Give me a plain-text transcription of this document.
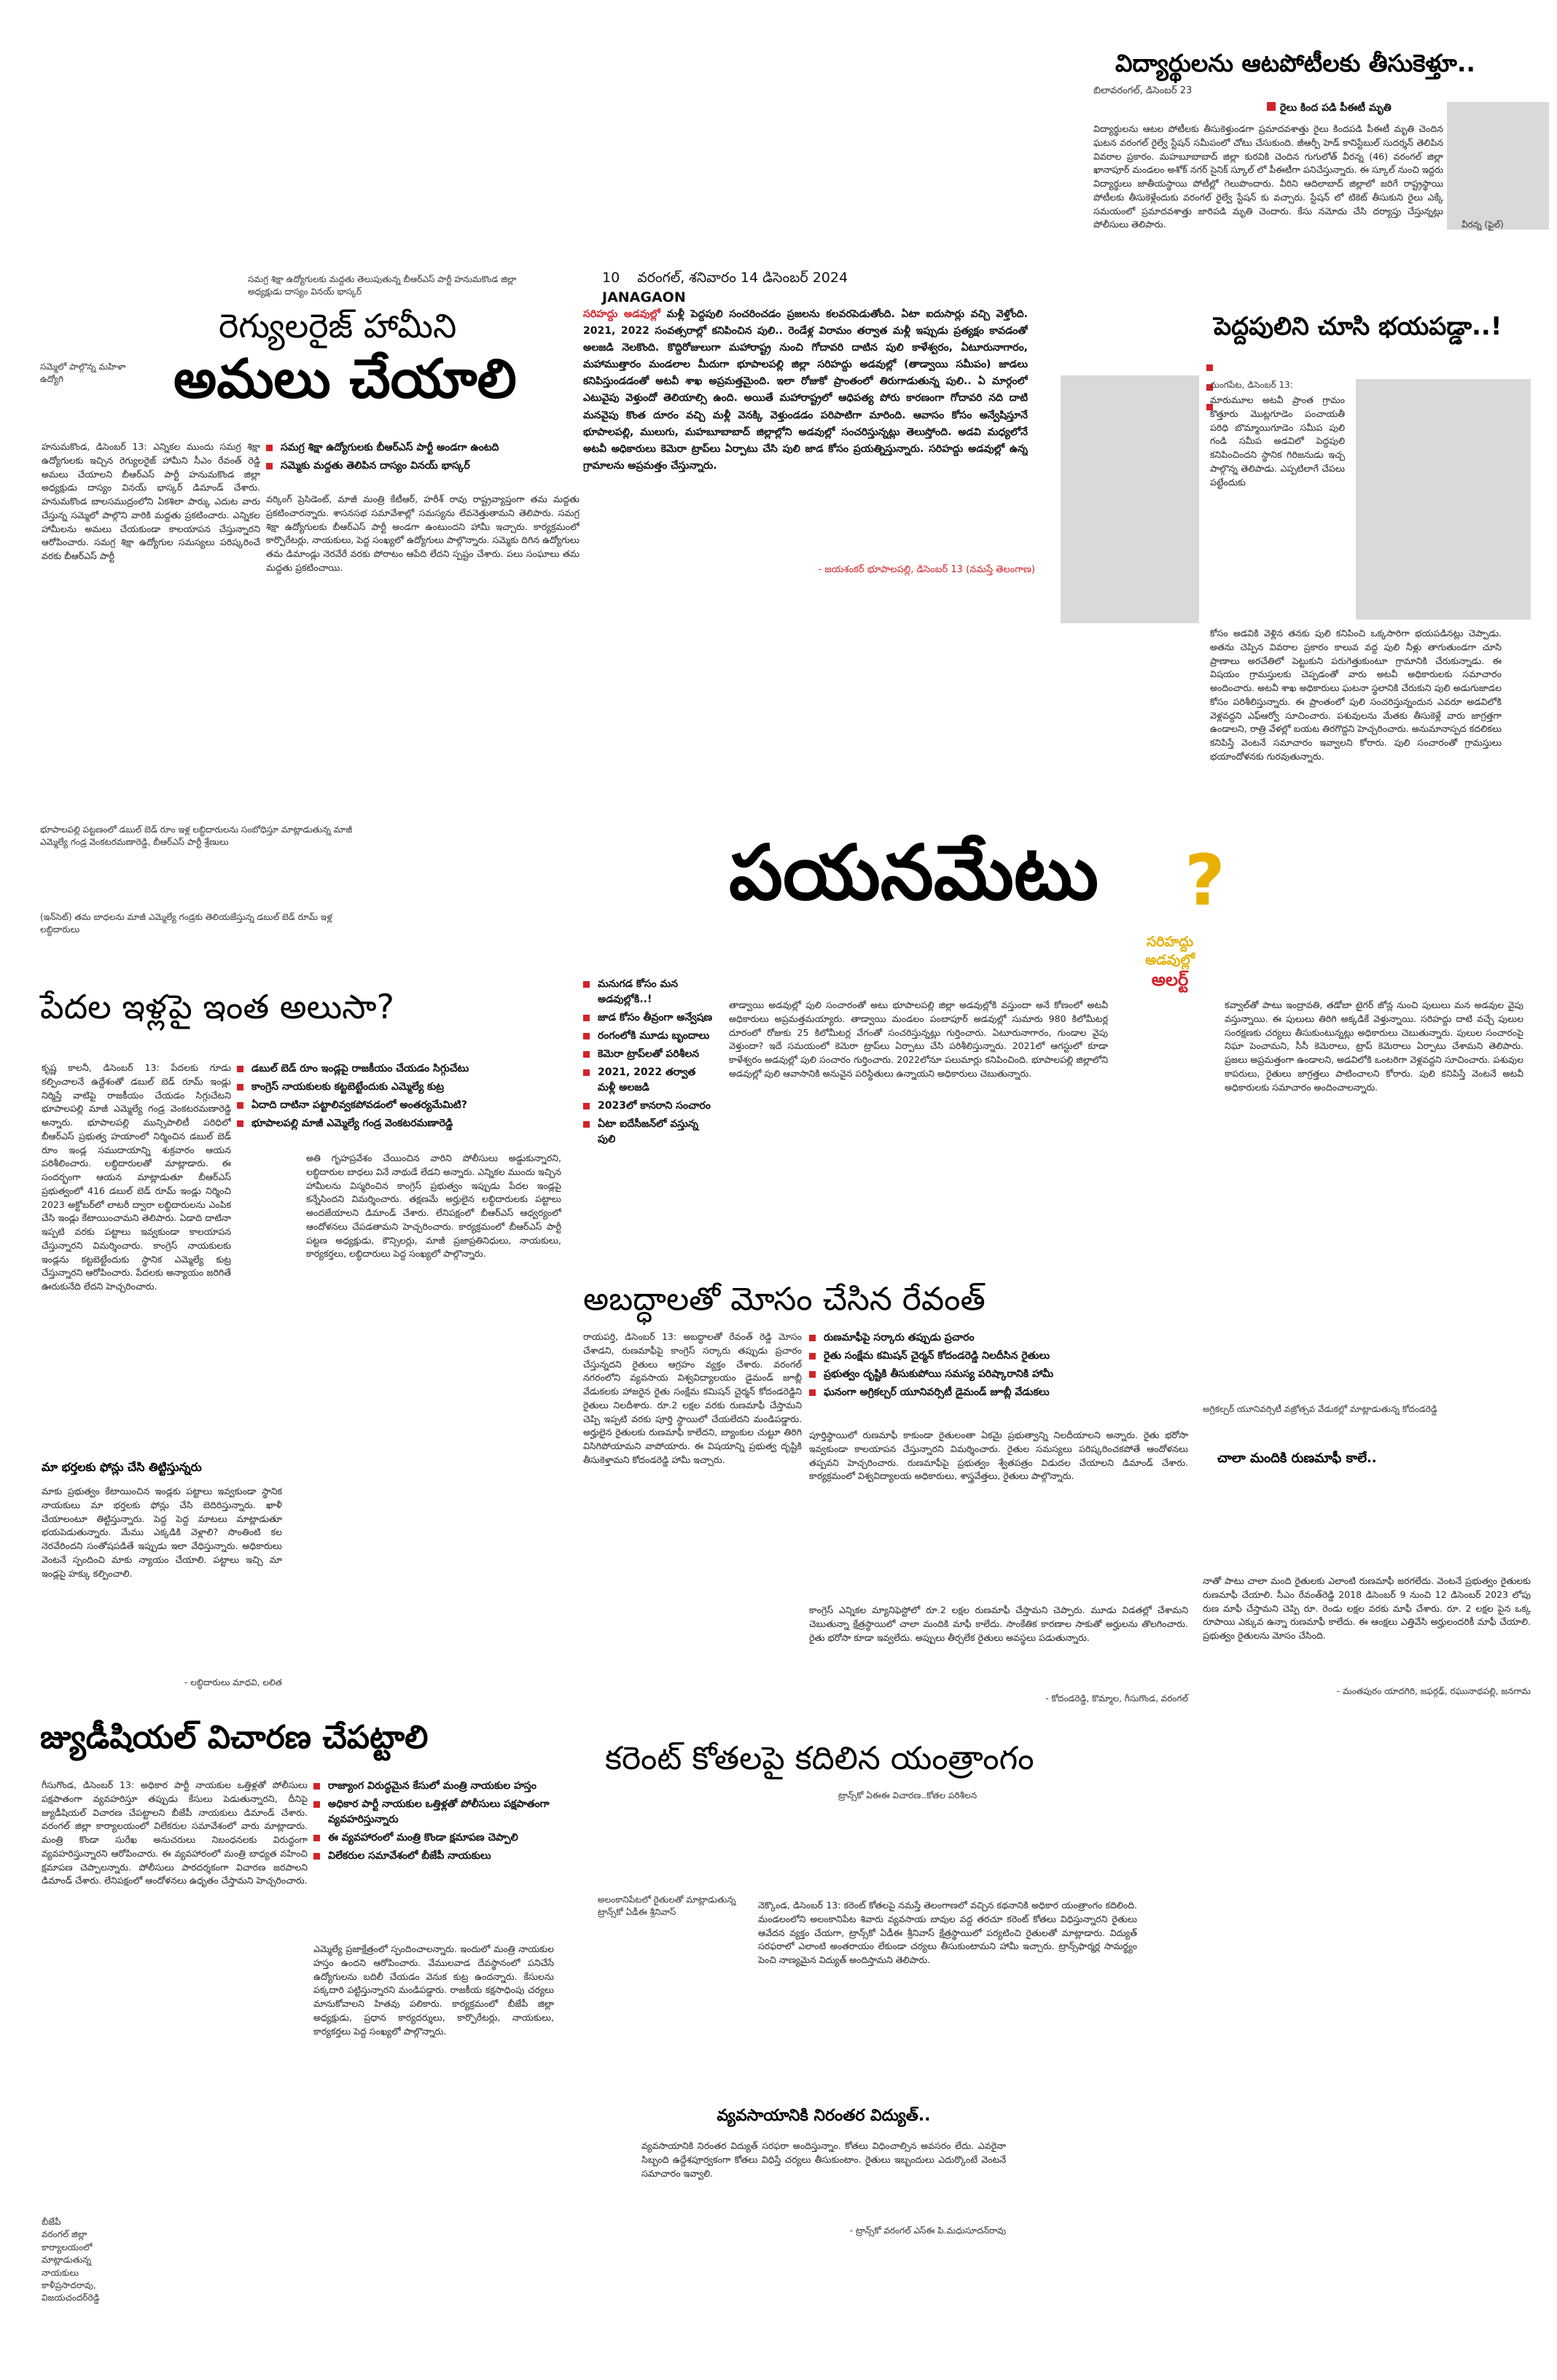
10 వరంగల్, శనివారం 14 డిసెంబర్ 2024 JANAGAON
విద్యార్థులను ఆటపోటీలకు తీసుకెళ్తూ..
బిలావరంగల్, డిసెంబర్ 23
రైలు కింద పడి పీఈటీ మృతి
విద్యార్థులను ఆటల పోటీలకు తీసుకెళ్తుండగా ప్రమాదవశాత్తు రైలు కిందపడి పీఈటీ మృతి చెందిన ఘటన వరంగల్ రైల్వే స్టేషన్ సమీపంలో చోటు చేసుకుంది. జీఆర్పీ హెడ్ కానిస్టేబుల్ సుదర్శన్ తెలిపిన వివరాల ప్రకారం. మహబూబాబాద్ జిల్లా కురవికి చెందిన గుగులోత్ వీరన్న (46) వరంగల్ జిల్లా ఖానాపూర్ మండలం అశోక్ నగర్ సైనిక్ స్కూల్ లో పీఈటీగా పనిచేస్తున్నారు. ఈ స్కూల్ నుంచి ఇద్దరు విద్యార్థులు జాతీయస్థాయి పోటీల్లో గెలుపొందారు. వీరిని ఆదిలాబాద్ జిల్లాలో జరిగే రాష్ట్రస్థాయి పోటీలకు తీసుకెళ్లేందుకు వరంగల్ రైల్వే స్టేషన్ కు వచ్చారు. స్టేషన్ లో టికెట్ తీసుకుని రైలు ఎక్కే సమయంలో ప్రమాదవశాత్తు జారిపడి మృతి చెందారు. కేసు నమోదు చేసి దర్యాప్తు చేస్తున్నట్లు పోలీసులు తెలిపారు.	వీరన్న (ఫైల్)
సమగ్ర శిక్షా ఉద్యోగులకు మద్దతు తెలుపుతున్న బీఆర్ఎస్ పార్టీ హనుమకొండ జిల్లా అధ్యక్షుడు దాస్యం వినయ్ భాస్కర్
రెగ్యులరైజ్ హామీని
సమ్మెలో పాల్గొన్న మహిళా ఉద్యోగి	అమలు చేయాలి
సమగ్ర శిక్షా ఉద్యోగులకు బీఆర్ఎస్ పార్టీ అండగా ఉంటది
సమ్మెకు మద్దతు తెలిపిన దాస్యం వినయ్ భాస్కర్
హనుమకొండ, డిసెంబర్ 13: ఎన్నికల ముందు సమగ్ర శిక్షా ఉద్యోగులకు ఇచ్చిన రెగ్యులరైజ్ హామీని సీఎం రేవంత్ రెడ్డి అమలు చేయాలని బీఆర్ఎస్ పార్టీ హనుమకొండ జిల్లా అధ్యక్షుడు దాస్యం వినయ్ భాస్కర్ డిమాండ్ చేశారు. హనుమకొండ బాలసముద్రంలోని ఏకశిలా పార్కు ఎదుట వారు చేస్తున్న సమ్మెలో పాల్గొని వారికి మద్దతు ప్రకటించారు. ఎన్నికల హామీలను అమలు చేయకుండా కాలయాపన చేస్తున్నారని ఆరోపించారు. సమగ్ర శిక్షా ఉద్యోగుల సమస్యలు పరిష్కరించే వరకు బీఆర్ఎస్ పార్టీ
వర్కింగ్ ప్రెసిడెంట్, మాజీ మంత్రి కేటీఆర్, హరీశ్ రావు రాష్ట్రవ్యాప్తంగా తమ మద్దతు ప్రకటించారన్నారు. శాసనసభ సమావేశాల్లో సమస్యను లేవనెత్తుతామని తెలిపారు. సమగ్ర శిక్షా ఉద్యోగులకు బీఆర్ఎస్ పార్టీ అండగా ఉంటుందని హామీ ఇచ్చారు. కార్యక్రమంలో కార్పొరేటర్లు, నాయకులు, పెద్ద సంఖ్యలో ఉద్యోగులు పాల్గొన్నారు. సమ్మెకు దిగిన ఉద్యోగులు తమ డిమాండ్లు నెరవేరే వరకు పోరాటం ఆపేది లేదని స్పష్టం చేశారు. పలు సంఘాలు తమ మద్దతు ప్రకటించాయి.
సరిహద్దు అడవుల్లో మళ్లీ పెద్దపులి సంచరించడం ప్రజలను కలవరపెడుతోంది. ఏటా ఐదుసార్లు వచ్చి వెళ్తోంది. 2021, 2022 సంవత్సరాల్లో కనిపించిన పులి.. రెండేళ్ల విరామం తర్వాత మళ్లీ ఇప్పుడు ప్రత్యక్షం కావడంతో అలజడి నెలకొంది. కొద్దిరోజులుగా మహారాష్ట్ర నుంచి గోదావరి దాటిన పులి కాళేశ్వరం, ఏటూరునాగారం, మహాముత్తారం మండలాల మీదుగా భూపాలపల్లి జిల్లా సరిహద్దు అడవుల్లో (తాడ్వాయి సమీపం) జాడలు కనిపిస్తుండడంతో అటవీ శాఖ అప్రమత్తమైంది. ఇలా రోజుకో ప్రాంతంలో తిరుగాడుతున్న పులి.. ఏ మార్గంలో ఎటువైపు వెళ్తుందో తెలియాల్సి ఉంది. అయితే మహారాష్ట్రలో ఆధిపత్య పోరు కారణంగా గోదావరి నది దాటి మనవైపు కొంత దూరం వచ్చి మళ్లీ వెనక్కి వెళ్తుండడం పరిపాటిగా మారింది. ఆవాసం కోసం అన్వేషిస్తూనే భూపాలపల్లి, ములుగు, మహబూబాబాద్ జిల్లాల్లోని అడవుల్లో సంచరిస్తున్నట్లు తెలుస్తోంది. అడవి మధ్యలోనే అటవీ అధికారులు కెమెరా ట్రాప్‌లు ఏర్పాటు చేసి పులి జాడ కోసం ప్రయత్నిస్తున్నారు. సరిహద్దు అడవుల్లో ఉన్న గ్రామాలను అప్రమత్తం చేస్తున్నారు.
- జయశంకర్ భూపాలపల్లి, డిసెంబర్ 13 (నమస్తే తెలంగాణ)
పెద్దపులిని చూసి భయపడ్డా..!
మంగపేట, డిసెంబర్ 13:
మారుమూల అటవీ ప్రాంత గ్రామం కొత్తూరు మొట్లగూడెం పంచాయతీ పరిధి బొమ్మాయిగూడెం సమీప పులి గండి సమీప అడవిలో పెద్దపులి కనిపించిందని స్థానిక గిరిజనుడు ఇచ్చ పాల్గొన్న తెలిపాడు. ఎప్పటిలాగే చేపలు పట్టేందుకు
కోసం అడవికి వెళ్లిన తనకు పులి కనిపించి ఒక్కసారిగా భయపడినట్లు చెప్పాడు. అతను చెప్పిన వివరాల ప్రకారం కాలువ వద్ద పులి నీళ్లు తాగుతుండగా చూసి ప్రాణాలు అరచేతిలో పెట్టుకుని పరుగెత్తుకుంటూ గ్రామానికి చేరుకున్నాడు. ఈ విషయం గ్రామస్తులకు చెప్పడంతో వారు అటవీ అధికారులకు సమాచారం అందించారు. అటవీ శాఖ అధికారులు ఘటనా స్థలానికి చేరుకుని పులి అడుగుజాడల కోసం పరిశీలిస్తున్నారు. ఈ ప్రాంతంలో పులి సంచరిస్తున్నందున ఎవరూ అడవిలోకి వెళ్లవద్దని ఎఫ్ఆర్వో సూచించారు. పశువులను మేతకు తీసుకెళ్లే వారు జాగ్రత్తగా ఉండాలని, రాత్రి వేళల్లో బయట తిరగొద్దని హెచ్చరించారు. అనుమానాస్పద కదలికలు కనిపిస్తే వెంటనే సమాచారం ఇవ్వాలని కోరారు. పులి సంచారంతో గ్రామస్తులు భయాందోళనకు గురవుతున్నారు.
భూపాలపల్లి పట్టణంలో డబుల్ బెడ్ రూం ఇళ్ల లబ్ధిదారులను సంబోధిస్తూ మాట్లాడుతున్న మాజీ ఎమ్మెల్యే గండ్ర వెంకటరమణారెడ్డి, బీఆర్ఎస్ పార్టీ శ్రేణులు
(ఇన్‌సెట్) తమ బాధలను మాజీ ఎమ్మెల్యే గండ్రకు తెలియజేస్తున్న డబుల్ బెడ్ రూమ్ ఇళ్ల లబ్ధిదారులు
పేదల ఇళ్లపై ఇంత అలుసా?
డబుల్ బెడ్ రూం ఇండ్లపై రాజకీయం చేయడం సిగ్గుచేటు
కాంగ్రెస్ నాయకులకు కట్టబెట్టేందుకు ఎమ్మెల్యే కుట్ర
ఏదాది దాటినా పట్టాలివ్వకపోవడంలో అంతర్యమేమిటి?
భూపాలపల్లి మాజీ ఎమ్మెల్యే గండ్ర వెంకటరమణారెడ్డి
కృష్ణ కాలనీ, డిసెంబర్ 13: పేదలకు గూడు కల్పించాలనే ఉద్దేశంతో డబుల్ బెడ్ రూమ్ ఇండ్లు నిర్మిస్తే వాటిపై రాజకీయం చేయడం సిగ్గుచేటని భూపాలపల్లి మాజీ ఎమ్మెల్యే గండ్ర వెంకటరమణారెడ్డి అన్నారు. భూపాలపల్లి మున్సిపాలిటీ పరిధిలో బీఆర్ఎస్ ప్రభుత్వ హయాంలో నిర్మించిన డబుల్ బెడ్ రూం ఇండ్ల సముదాయాన్ని శుక్రవారం ఆయన పరిశీలించారు. లబ్ధిదారులతో మాట్లాడారు. ఈ సందర్భంగా ఆయన మాట్లాడుతూ బీఆర్ఎస్ ప్రభుత్వంలో 416 డబుల్ బెడ్ రూమ్ ఇండ్లు నిర్మించి 2023 అక్టోబర్‌లో లాటరీ ద్వారా లబ్ధిదారులను ఎంపిక చేసి ఇండ్లు కేటాయించామని తెలిపారు. ఏడాది దాటినా ఇప్పటి వరకు పట్టాలు ఇవ్వకుండా కాలయాపన చేస్తున్నారని విమర్శించారు. కాంగ్రెస్ నాయకులకు ఇండ్లను కట్టబెట్టేందుకు స్థానిక ఎమ్మెల్యే కుట్ర చేస్తున్నారని ఆరోపించారు. పేదలకు అన్యాయం జరిగితే ఊరుకునేది లేదని హెచ్చరించారు.
అతి గృహప్రవేశం చేయించిన వారిని పోలీసులు అడ్డుకున్నారని, లబ్ధిదారుల బాధలు వినే నాథుడే లేడని అన్నారు. ఎన్నికల ముందు ఇచ్చిన హామీలను విస్మరించిన కాంగ్రెస్ ప్రభుత్వం ఇప్పుడు పేదల ఇండ్లపై కన్నేసిందని విమర్శించారు. తక్షణమే అర్హులైన లబ్ధిదారులకు పట్టాలు అందజేయాలని డిమాండ్ చేశారు. లేనిపక్షంలో బీఆర్ఎస్ ఆధ్వర్యంలో ఆందోళనలు చేపడతామని హెచ్చరించారు. కార్యక్రమంలో బీఆర్ఎస్ పార్టీ పట్టణ అధ్యక్షుడు, కౌన్సిలర్లు, మాజీ ప్రజాప్రతినిధులు, నాయకులు, కార్యకర్తలు, లబ్ధిదారులు పెద్ద సంఖ్యలో పాల్గొన్నారు.
మా భర్తలకు ఫోన్లు చేసి తిట్టిస్తున్నరు
మాకు ప్రభుత్వం కేటాయించిన ఇండ్లకు పట్టాలు ఇవ్వకుండా స్థానిక నాయకులు మా భర్తలకు ఫోన్లు చేసి బెదిరిస్తున్నారు. ఖాళీ చేయాలంటూ తిట్టిస్తున్నారు. పెద్ద పెద్ద మాటలు మాట్లాడుతూ భయపెడుతున్నారు. మేము ఎక్కడికి వెళ్లాలి? సొంతింటి కల నెరవేరిందని సంతోషపడితే ఇప్పుడు ఇలా వేధిస్తున్నారు. అధికారులు వెంటనే స్పందించి మాకు న్యాయం చేయాలి. పట్టాలు ఇచ్చి మా ఇండ్లపై హక్కు కల్పించాలి.
- లబ్ధిదారులు మాధవి, లలిత
పయనమేటు	?
సరిహద్దు
అడవుల్లో
అలర్ట్
మనుగడ కోసం మన అడవుల్లోకి..!
జాడ కోసం తీవ్రంగా అన్వేషణ
రంగంలోకి మూడు బృందాలు
కెమెరా ట్రాప్‌లతో పరిశీలన
2021, 2022 తర్వాత మళ్లీ అలజడి
2023లో కానరాని సంచారం
ఏటా ఐదేసీజన్‌లో వస్తున్న పులి
తాడ్వాయి అడవుల్లో పులి సంచారంతో అటు భూపాలపల్లి జిల్లా అడవుల్లోకి వస్తుందా అనే కోణంలో అటవీ అధికారులు అప్రమత్తమయ్యారు. తాడ్వాయి మండలం పంబాపూర్ అడవుల్లో సుమారు 980 కిలోమీటర్ల దూరంలో రోజుకు 25 కిలోమీటర్ల వేగంతో సంచరిస్తున్నట్లు గుర్తించారు. ఏటూరునాగారం, గుండాల వైపు వెళ్తుందా? ఇదే సమయంలో కెమెరా ట్రాప్‌లు ఏర్పాటు చేసి పరిశీలిస్తున్నారు. 2021లో ఆగస్టులో కూడా కాళేశ్వరం అడవుల్లో పులి సంచారం గుర్తించారు. 2022లోనూ పలుమార్లు కనిపించింది. భూపాలపల్లి జిల్లాలోని అడవుల్లో పులి ఆవాసానికి అనువైన పరిస్థితులు ఉన్నాయని అధికారులు చెబుతున్నారు.
కవ్వాల్‌తో పాటు ఇంద్రావతి, తడోబా టైగర్ జోన్ల నుంచి పులులు మన అడవుల వైపు వస్తున్నాయి. ఈ పులులు తిరిగి అక్కడికే వెళ్తున్నాయి. సరిహద్దు దాటి వచ్చే పులుల సంరక్షణకు చర్యలు తీసుకుంటున్నట్లు అధికారులు చెబుతున్నారు. పులుల సంచారంపై నిఘా పెంచామని, సీసీ కెమెరాలు, ట్రాప్ కెమెరాలు ఏర్పాటు చేశామని తెలిపారు. ప్రజలు అప్రమత్తంగా ఉండాలని, అడవిలోకి ఒంటరిగా వెళ్లవద్దని సూచించారు. పశువుల కాపరులు, రైతులు జాగ్రత్తలు పాటించాలని కోరారు. పులి కనిపిస్తే వెంటనే అటవీ అధికారులకు సమాచారం అందించాలన్నారు.
అబద్ధాలతో మోసం చేసిన రేవంత్
రుణమాఫీపై సర్కారు తప్పుడు ప్రచారం
రైతు సంక్షేమ కమిషన్ చైర్మన్ కోదండరెడ్డి నిలదీసిన రైతులు
ప్రభుత్వం దృష్టికి తీసుకుపోయి సమస్య పరిష్కారానికి హామీ
ఘనంగా అగ్రికల్చర్ యూనివర్సిటీ డైమండ్ జూబ్లీ వేడుకలు
రాయపర్తి, డిసెంబర్ 13: అబద్ధాలతో రేవంత్ రెడ్డి మోసం చేశాడని, రుణమాఫీపై కాంగ్రెస్ సర్కారు తప్పుడు ప్రచారం చేస్తున్నదని రైతులు ఆగ్రహం వ్యక్తం చేశారు. వరంగల్ నగరంలోని వ్యవసాయ విశ్వవిద్యాలయం డైమండ్ జూబ్లీ వేడుకలకు హాజరైన రైతు సంక్షేమ కమిషన్ చైర్మన్ కోదండరెడ్డిని రైతులు నిలదీశారు. రూ.2 లక్షల వరకు రుణమాఫీ చేస్తామని చెప్పి ఇప్పటి వరకు పూర్తి స్థాయిలో చేయలేదని మండిపడ్డారు. అర్హులైన రైతులకు రుణమాఫీ కాలేదని, బ్యాంకుల చుట్టూ తిరిగి విసిగిపోయామని వాపోయారు. ఈ విషయాన్ని ప్రభుత్వ దృష్టికి తీసుకెళ్తామని కోదండరెడ్డి హామీ ఇచ్చారు.
పూర్తిస్థాయిలో రుణమాఫీ కాకుండా రైతులంతా ఏకమై ప్రభుత్వాన్ని నిలదీయాలని అన్నారు. రైతు భరోసా ఇవ్వకుండా కాలయాపన చేస్తున్నారని విమర్శించారు. రైతుల సమస్యలు పరిష్కరించకపోతే ఆందోళనలు తప్పవని హెచ్చరించారు. రుణమాఫీపై ప్రభుత్వం శ్వేతపత్రం విడుదల చేయాలని డిమాండ్ చేశారు. కార్యక్రమంలో విశ్వవిద్యాలయ అధికారులు, శాస్త్రవేత్తలు, రైతులు పాల్గొన్నారు.
కాంగ్రెస్ ఎన్నికల మ్యానిఫెస్టోలో రూ.2 లక్షల రుణమాఫీ చేస్తామని చెప్పారు. మూడు విడతల్లో చేశామని చెబుతున్నా క్షేత్రస్థాయిలో చాలా మందికి మాఫీ కాలేదు. సాంకేతిక కారణాల సాకుతో అర్హులను తొలగించారు. రైతు భరోసా కూడా ఇవ్వలేదు. అప్పులు తీర్చలేక రైతులు అవస్థలు పడుతున్నారు.
- కోదండరెడ్డి, కొమ్మాల, గీసుగొండ, వరంగల్
అగ్రికల్చర్ యూనివర్సిటీ వజ్రోత్సవ వేడుకల్లో మాట్లాడుతున్న కోదండరెడ్డి
చాలా మందికి రుణమాఫీ కాలే..
నాతో పాటు చాలా మంది రైతులకు ఎలాంటి రుణమాఫీ జరగలేదు. వెంటనే ప్రభుత్వం రైతులకు రుణమాఫీ చేయాలి. సీఎం రేవంత్‌రెడ్డి 2018 డిసెంబర్ 9 నుంచి 12 డిసెంబర్ 2023 లోపు రుణ మాఫీ చేస్తామని చెప్పి రూ. రెండు లక్షల వరకు మాఫీ చేశారు. రూ. 2 లక్షల పైన ఒక్క రూపాయి ఎక్కువ ఉన్నా రుణమాఫీ కాలేదు. ఈ ఆంక్షలు ఎత్తివేసి అర్హులందరికీ మాఫీ చేయాలి. ప్రభుత్వం రైతులను మోసం చేసింది.
- మంతపురం యాదగిరి, జఫర్గఢ్, రఘునాథపల్లి, జనగామ
జ్యుడీషియల్ విచారణ చేపట్టాలి
రాజ్యాంగ విరుద్ధమైన కేసులో మంత్రి నాయకుల హస్తం
అధికార పార్టీ నాయకుల ఒత్తిళ్లతో పోలీసులు పక్షపాతంగా వ్యవహరిస్తున్నారు
ఈ వ్యవహారంలో మంత్రి కొండా క్షమాపణ చెప్పాలి
విలేకరుల సమావేశంలో బీజేపీ నాయకులు
గీసుగొండ, డిసెంబర్ 13: అధికార పార్టీ నాయకుల ఒత్తిళ్లతో పోలీసులు పక్షపాతంగా వ్యవహరిస్తూ తప్పుడు కేసులు పెడుతున్నారని, దీనిపై జ్యుడీషియల్ విచారణ చేపట్టాలని బీజేపీ నాయకులు డిమాండ్ చేశారు. వరంగల్ జిల్లా కార్యాలయంలో విలేకరుల సమావేశంలో వారు మాట్లాడారు. మంత్రి కొండా సురేఖ అనుచరులు నిబంధనలకు విరుద్ధంగా వ్యవహరిస్తున్నారని ఆరోపించారు. ఈ వ్యవహారంలో మంత్రి బాధ్యత వహించి క్షమాపణ చెప్పాలన్నారు. పోలీసులు పారదర్శకంగా విచారణ జరపాలని డిమాండ్ చేశారు. లేనిపక్షంలో ఆందోళనలు ఉధృతం చేస్తామని హెచ్చరించారు.
ఎమ్మెల్యే ప్రజాక్షేత్రంలో స్పందించాలన్నారు. ఇందులో మంత్రి నాయకుల హస్తం ఉందని ఆరోపించారు. వేములవాడ దేవస్థానంలో పనిచేసే ఉద్యోగులను బదిలీ చేయడం వెనుక కుట్ర ఉందన్నారు. కేసులను పక్కదారి పట్టిస్తున్నారని మండిపడ్డారు. రాజకీయ కక్షసాధింపు చర్యలు మానుకోవాలని హితవు పలికారు. కార్యక్రమంలో బీజేపీ జిల్లా అధ్యక్షుడు, ప్రధాన కార్యదర్శులు, కార్పొరేటర్లు, నాయకులు, కార్యకర్తలు పెద్ద సంఖ్యలో పాల్గొన్నారు.
బీజేపీ
వరంగల్ జిల్లా
కార్యాలయంలో
మాట్లాడుతున్న
నాయకులు
కాళీప్రసాదరావు,
విజయచందర్‌రెడ్డి
కరెంట్ కోతలపై కదిలిన యంత్రాంగం
ట్రాన్స్‌కో ఏఈఈ విచారణ..కోతల పరిశీలన
అలంకానిపేటలో రైతులతో మాట్లాడుతున్న ట్రాన్స్‌కో ఏడీఈ శ్రీనివాస్
నెక్కొండ, డిసెంబర్ 13: కరెంట్ కోతలపై నమస్తే తెలంగాణలో వచ్చిన కథనానికి అధికార యంత్రాంగం కదిలింది. మండలంలోని అలంకానిపేట శివారు వ్యవసాయ బావుల వద్ద తరచూ కరెంట్ కోతలు విధిస్తున్నారని రైతులు ఆవేదన వ్యక్తం చేయగా, ట్రాన్స్‌కో ఏడీఈ శ్రీనివాస్ క్షేత్రస్థాయిలో పర్యటించి రైతులతో మాట్లాడారు. విద్యుత్ సరఫరాలో ఎలాంటి అంతరాయం లేకుండా చర్యలు తీసుకుంటామని హామీ ఇచ్చారు. ట్రాన్స్‌ఫార్మర్ల సామర్థ్యం పెంచి నాణ్యమైన విద్యుత్ అందిస్తామని తెలిపారు.
వ్యవసాయానికి నిరంతర విద్యుత్..
వ్యవసాయానికి నిరంతర విద్యుత్ సరఫరా అందిస్తున్నాం. కోతలు విధించాల్సిన అవసరం లేదు. ఎవరైనా సిబ్బంది ఉద్దేశపూర్వకంగా కోతలు విధిస్తే చర్యలు తీసుకుంటాం. రైతులు ఇబ్బందులు ఎదుర్కొంటే వెంటనే సమాచారం ఇవ్వాలి.
- ట్రాన్స్‌కో వరంగల్ ఎస్ఈ పి.మధుసూదన్‌రావు
